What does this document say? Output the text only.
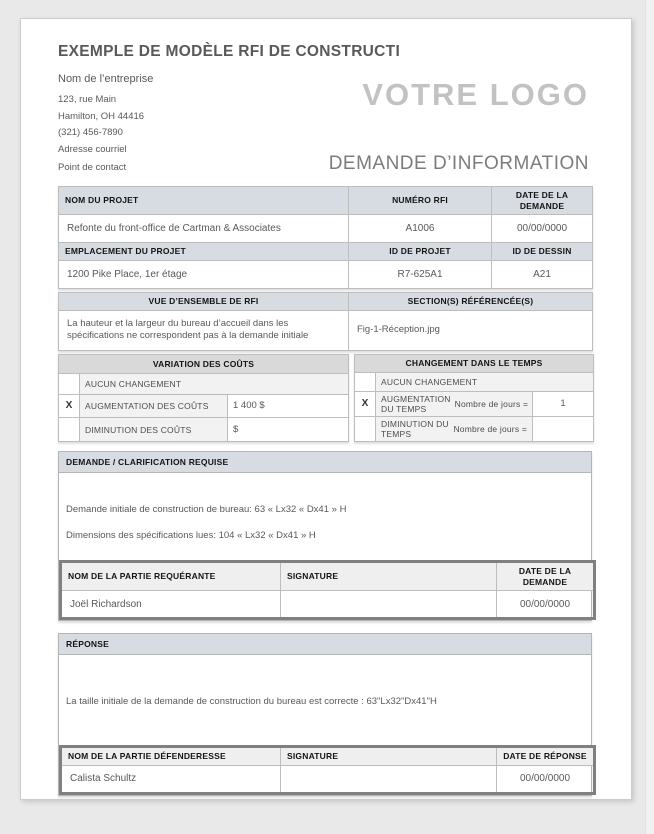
EXEMPLE DE MODÈLE RFI DE CONSTRUCTI
Nom de l’entreprise
123, rue Main
Hamilton, OH 44416
(321) 456-7890
Adresse courriel
Point de contact
VOTRE LOGO
DEMANDE D’INFORMATION
NOM DU PROJET	NUMÉRO RFI	DATE DE LA DEMANDE
Refonte du front-office de Cartman & Associates	A1006	00/00/0000
EMPLACEMENT DU PROJET	ID DE PROJET	ID DE DESSIN
1200 Pike Place, 1er étage	R7-625A1	A21
VUE D’ENSEMBLE DE RFI	SECTION(S) RÉFÉRENCÉE(S)
La hauteur et la largeur du bureau d’accueil dans les spécifications ne correspondent pas à la demande initiale	Fig-1-Réception.jpg
VARIATION DES COÛTS		
	AUCUN CHANGEMENT	
X	AUGMENTATION DES COÛTS	1 400 $
	DIMINUTION DES COÛTS	$
CHANGEMENT DANS LE TEMPS		
	AUCUN CHANGEMENT	
X	AUGMENTATION DU TEMPS Nombre de jours =	1

	DIMINUTION DU TEMPS Nombre de jours =	

DEMANDE / CLARIFICATION REQUISE
Demande initiale de construction de bureau: 63 « Lx32 « Dx41 » H
Dimensions des spécifications lues: 104 « Lx32 « Dx41 » H
NOM DE LA PARTIE REQUÉRANTE	SIGNATURE	DATE DE LA DEMANDE
Joël Richardson		00/00/0000
RÉPONSE
La taille initiale de la demande de construction du bureau est correcte : 63"Lx32"Dx41"H
NOM DE LA PARTIE DÉFENDERESSE	SIGNATURE	DATE DE RÉPONSE
Calista Schultz		00/00/0000
